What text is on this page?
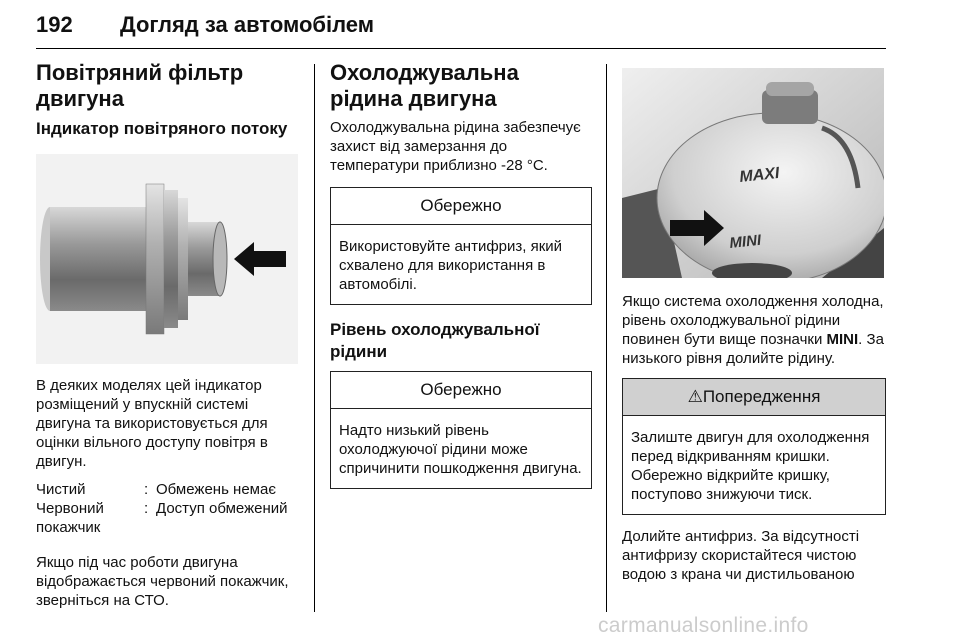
192 Догляд за автомобілем
Повітряний фільтр двигуна
Індикатор повітряного потоку

В деяких моделях цей індикатор розміщений у впускній системі двигуна та використовується для оцінки вільного доступу повітря в двигун.

Чистий	: Обмежень немає
Червоний покажчик
: Доступ обмежений

Якщо під час роботи двигуна відображається червоний покажчик, зверніться на СТО.

Охолоджувальна рідина двигуна

Охолоджувальна рідина забезпечує захист від замерзання до температури приблизно -28 °С.

Обережно
Використовуйте антифриз, який схвалено для використання в автомобілі.
Рівень охолоджувальної рідини
Обережно
Надто низький рівень охолоджуючої рідини може спричинити пошкодження двигуна.
MAXI
MINI

Якщо система охолодження холодна, рівень охолоджувальної рідини повинен бути вище позначки MINI. За низького рівня долийте рідину.

⚠Попередження
Залиште двигун для охолодження перед відкриванням кришки. Обережно відкрийте кришку, поступово знижуючи тиск.

Долийте антифриз. За відсутності антифризу скористайтеся чистою водою з крана чи дистильованою

carmanualsonline.info
